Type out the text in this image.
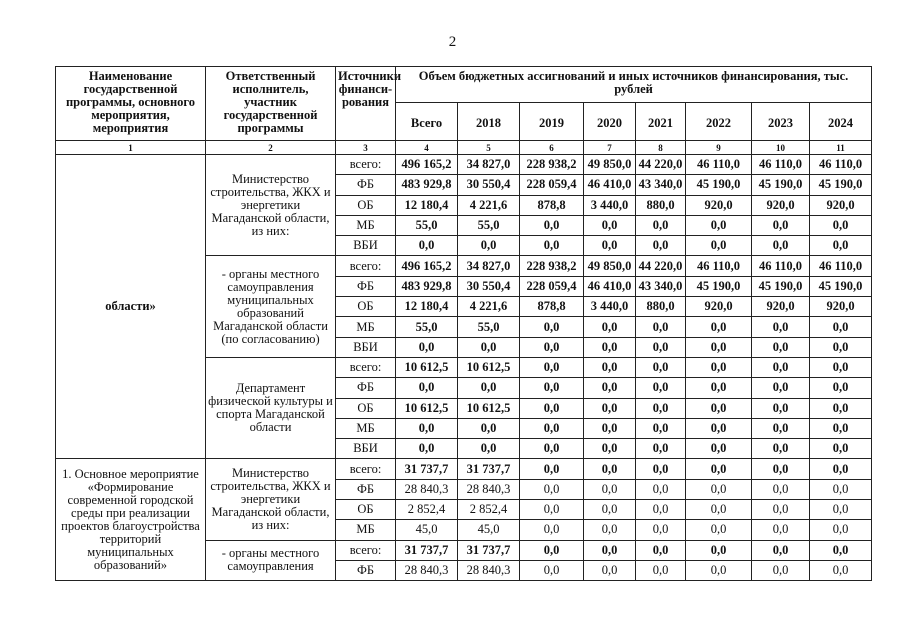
2
Наименование государственной программы, основного мероприятия, мероприятия	Ответственный исполнитель, участник государственной программы	Источники финанси-рования	Объем бюджетных ассигнований и иных источников финансирования, тыс. рублей							
			Всего	2018	2019	2020	2021	2022	2023	2024
1	2	3	4	5	6	7	8	9	10	11
области»	Министерство строительства, ЖКХ и энергетики Магаданской области, из них:	всего:	496 165,2	34 827,0	228 938,2	49 850,0	44 220,0	46 110,0	46 110,0	46 110,0
		ФБ	483 929,8	30 550,4	228 059,4	46 410,0	43 340,0	45 190,0	45 190,0	45 190,0
		ОБ	12 180,4	4 221,6	878,8	3 440,0	880,0	920,0	920,0	920,0
		МБ	55,0	55,0	0,0	0,0	0,0	0,0	0,0	0,0
		ВБИ	0,0	0,0	0,0	0,0	0,0	0,0	0,0	0,0
	- органы местного самоуправления муниципальных образований Магаданской области (по согласованию)	всего:	496 165,2	34 827,0	228 938,2	49 850,0	44 220,0	46 110,0	46 110,0	46 110,0
		ФБ	483 929,8	30 550,4	228 059,4	46 410,0	43 340,0	45 190,0	45 190,0	45 190,0
		ОБ	12 180,4	4 221,6	878,8	3 440,0	880,0	920,0	920,0	920,0
		МБ	55,0	55,0	0,0	0,0	0,0	0,0	0,0	0,0
		ВБИ	0,0	0,0	0,0	0,0	0,0	0,0	0,0	0,0
	Департамент физической культуры и спорта Магаданской области	всего:	10 612,5	10 612,5	0,0	0,0	0,0	0,0	0,0	0,0
		ФБ	0,0	0,0	0,0	0,0	0,0	0,0	0,0	0,0
		ОБ	10 612,5	10 612,5	0,0	0,0	0,0	0,0	0,0	0,0
		МБ	0,0	0,0	0,0	0,0	0,0	0,0	0,0	0,0
		ВБИ	0,0	0,0	0,0	0,0	0,0	0,0	0,0	0,0
1. Основное мероприятие «Формирование современной городской среды при реализации проектов благоустройства территорий муниципальных образований»	Министерство строительства, ЖКХ и энергетики Магаданской области, из них:	всего:	31 737,7	31 737,7	0,0	0,0	0,0	0,0	0,0	0,0
		ФБ	28 840,3	28 840,3	0,0	0,0	0,0	0,0	0,0	0,0
		ОБ	2 852,4	2 852,4	0,0	0,0	0,0	0,0	0,0	0,0
		МБ	45,0	45,0	0,0	0,0	0,0	0,0	0,0	0,0
	- органы местного самоуправления	всего:	31 737,7	31 737,7	0,0	0,0	0,0	0,0	0,0	0,0
		ФБ	28 840,3	28 840,3	0,0	0,0	0,0	0,0	0,0	0,0
